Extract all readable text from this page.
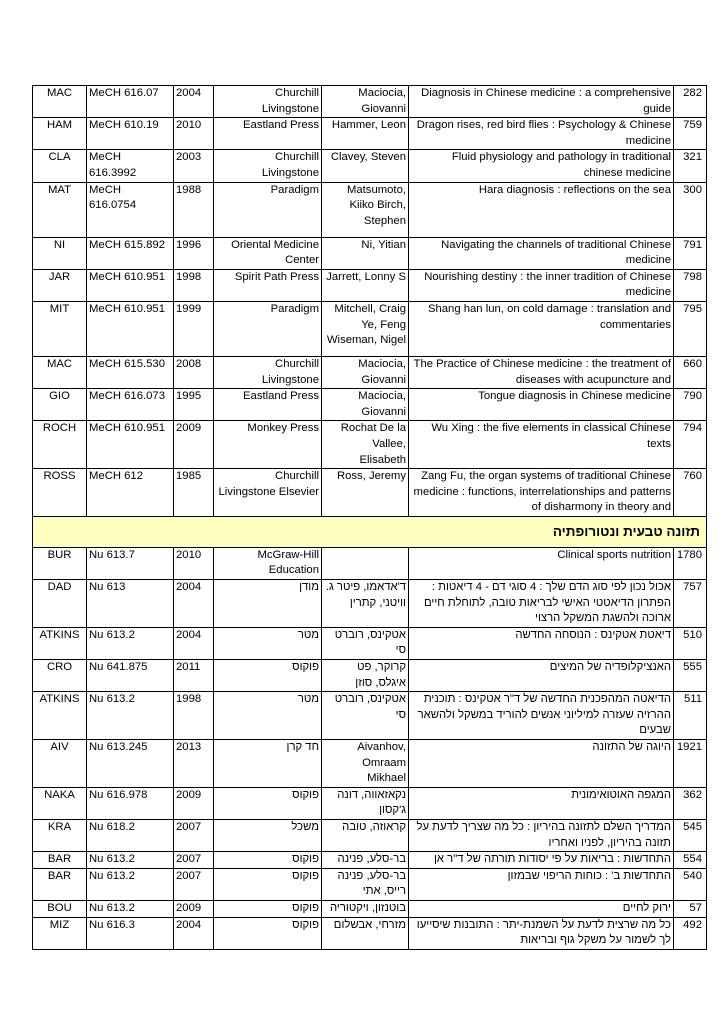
MAC	MeCH 616.07	2004	Churchill Livingstone	Maciocia, Giovanni	Diagnosis in Chinese medicine : a comprehensive guide	282
HAM	MeCH 610.19	2010	Eastland Press	Hammer, Leon	Dragon rises, red bird flies : Psychology & Chinese medicine	759
CLA	MeCH 616.3992	2003	Churchill Livingstone	Clavey, Steven	Fluid physiology and pathology in traditional chinese medicine	321
MAT	MeCH 616.0754	1988	Paradigm	Matsumoto, Kiiko Birch, Stephen	Hara diagnosis : reflections on the sea	300
NI	MeCH 615.892	1996	Oriental Medicine Center	Ni, Yitian	Navigating the channels of traditional Chinese medicine	791
JAR	MeCH 610.951	1998	Spirit Path Press	Jarrett, Lonny S	Nourishing destiny : the inner tradition of Chinese medicine	798
MIT	MeCH 610.951	1999	Paradigm	Mitchell, Craig Ye, Feng Wiseman, Nigel	Shang han lun, on cold damage : translation and commentaries	795
MAC	MeCH 615.530	2008	Churchill Livingstone	Maciocia, Giovanni	The Practice of Chinese medicine : the treatment of diseases with acupuncture and	660
GIO	MeCH 616.073	1995	Eastland Press	Maciocia, Giovanni	Tongue diagnosis in Chinese medicine	790
ROCH	MeCH 610.951	2009	Monkey Press	Rochat De la Vallee, Elisabeth	Wu Xing : the five elements in classical Chinese texts	794
ROSS	MeCH 612	1985	Churchill Livingstone Elsevier	Ross, Jeremy	Zang Fu, the organ systems of traditional Chinese medicine : functions, interrelationships and patterns of disharmony in theory and	760
תזונה טבעית ונטורופתיה						
BUR	Nu 613.7	2010	McGraw-Hill Education		Clinical sports nutrition	1780
DAD	Nu 613	2004	מודן	ד'אדאמו, פיטר ג. וויטני, קתרין	אכול נכון לפי סוג הדם שלך : 4 סוגי דם - 4 דיאטות : הפתרון הדיאטטי האישי לבריאות טובה, לתוחלת חיים ארוכה ולהשגת המשקל הרצוי	757
ATKINS	Nu 613.2	2004	מטר	אטקינס, רוברט סי	דיאטת אטקינס : הנוסחה החדשה	510
CRO	Nu 641.875	2011	פוקוס	קרוקר, פט איגלס, סוזן	האנציקלופדיה של המיצים	555
ATKINS	Nu 613.2	1998	מטר	אטקינס, רוברט סי	הדיאטה המהפכנית החדשה של ד"ר אטקינס : תוכנית ההרזיה שעזרה למיליוני אנשים להוריד במשקל ולהשאר שבעים	511
AIV	Nu 613.245	2013	חד קרן	Aivanhov, Omraam Mikhael	היוגה של התזונה	1921
NAKA	Nu 616.978	2009	פוקוס	נקאזאווה, דונה ג'קסון	המגפה האוטואימונית	362
KRA	Nu 618.2	2007	משכל	קראוזה, טובה	המדריך השלם לתזונה בהיריון : כל מה שצריך לדעת על תזונה בהיריון, לפניו ואחריו	545
BAR	Nu 613.2	2007	פוקוס	בר-סלע, פנינה	התחדשות : בריאות על פי יסודות תורתה של ד"ר אן	554
BAR	Nu 613.2	2007	פוקוס	בר-סלע, פנינה רייס, אתי	התחדשות ב' : כוחות הריפוי שבמזון	540
BOU	Nu 613.2	2009	פוקוס	בוטנזון, ויקטוריה	ירוק לחיים	57
MIZ	Nu 616.3	2004	פוקוס	מזרחי, אבשלום	כל מה שרצית לדעת על השמנת-יתר : התובנות שיסייעו לך לשמור על משקל גוף ובריאות	492
